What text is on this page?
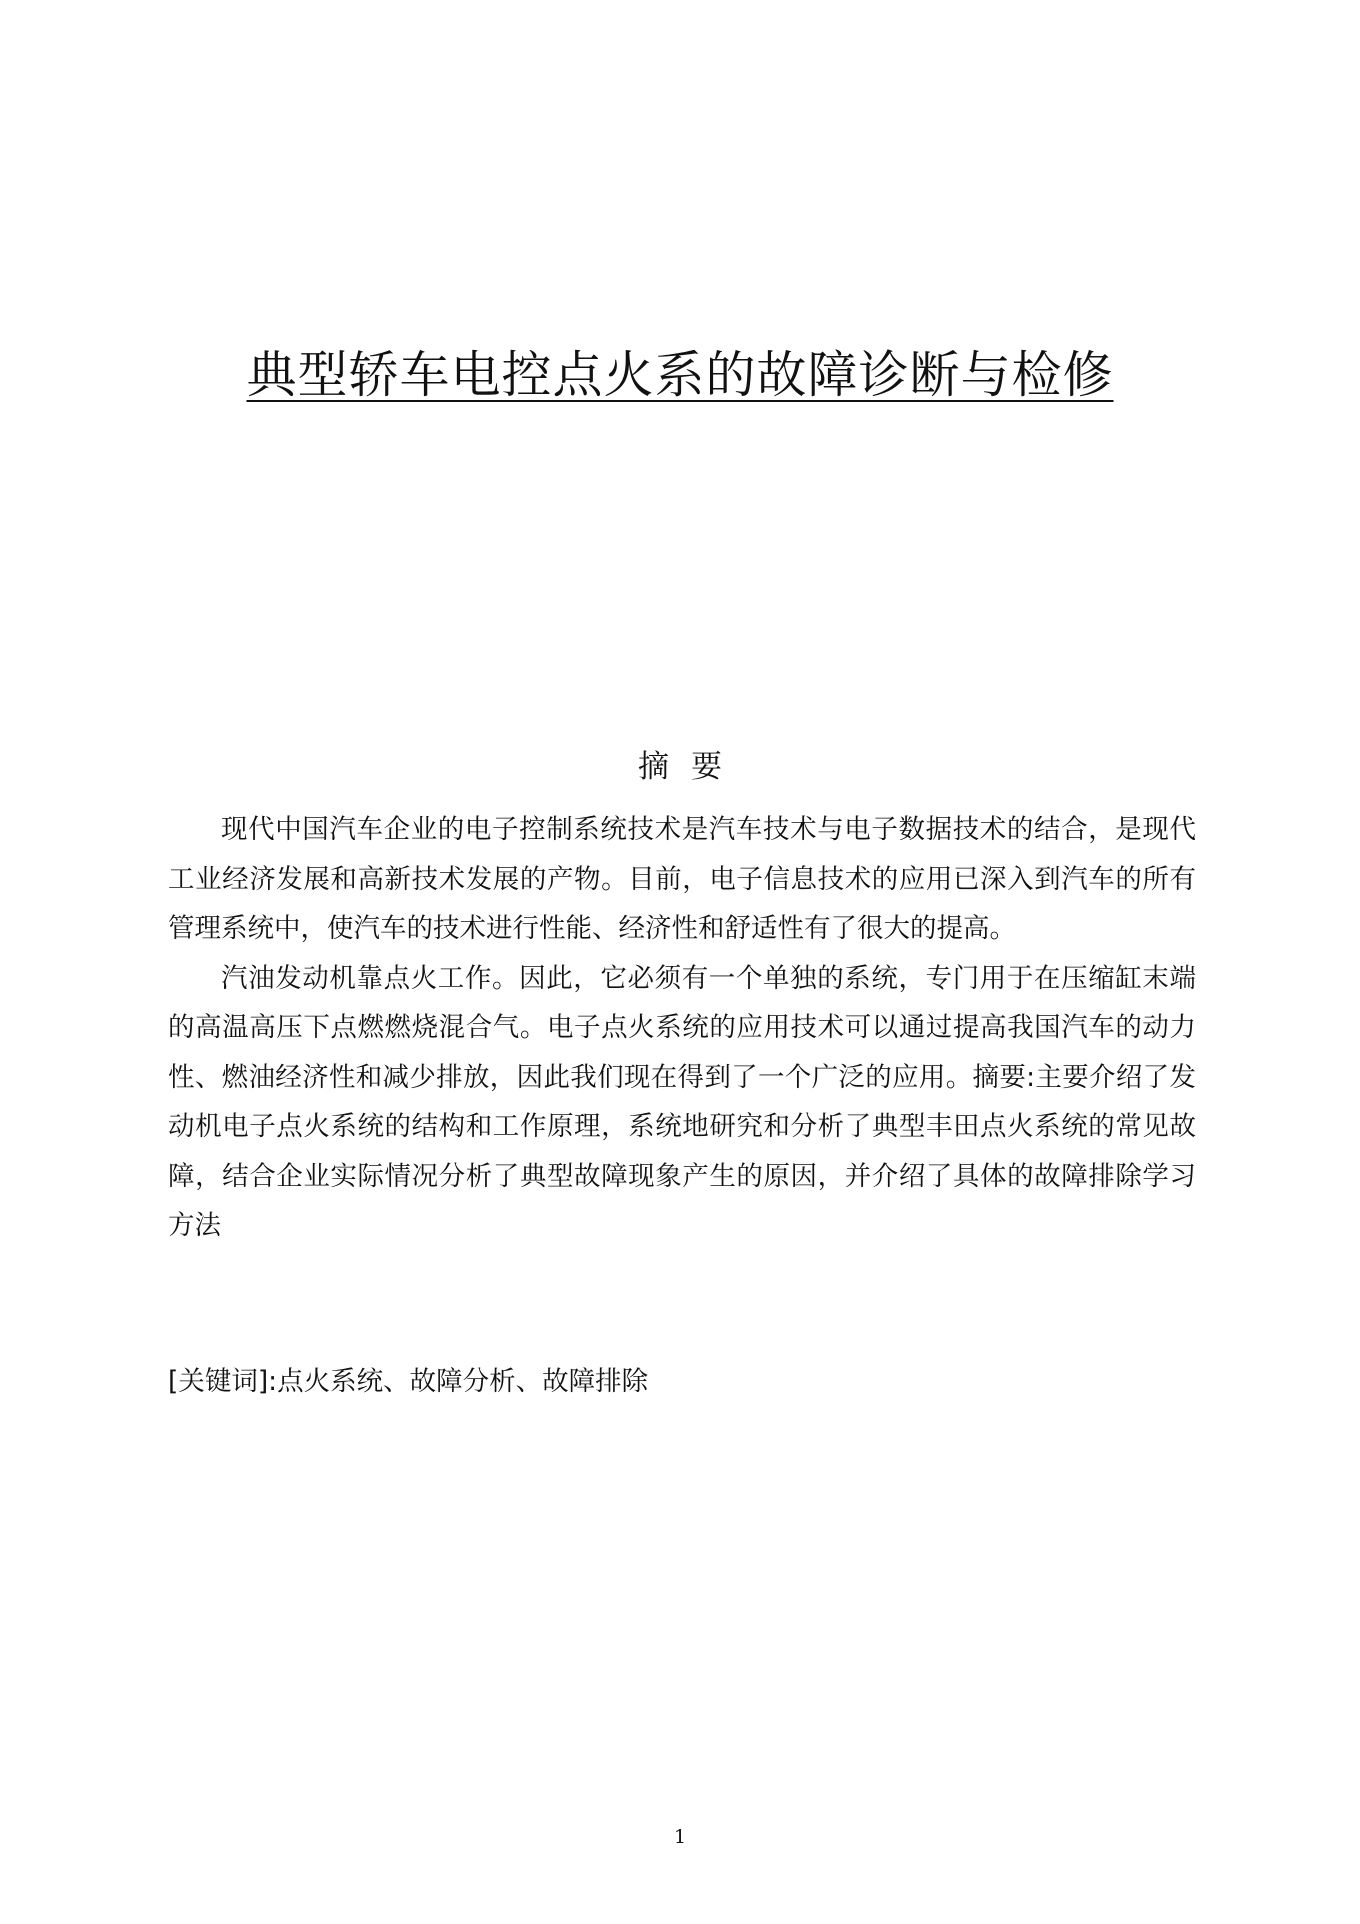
典型轿车电控点火系的故障诊断与检修
摘要

现代中国汽车企业的电子控制系统技术是汽车技术与电子数据技术的结合，是现代工业经济发展和高新技术发展的产物。目前，电子信息技术的应用已深入到汽车的所有管理系统中，使汽车的技术进行性能、经济性和舒适性有了很大的提高。

汽油发动机靠点火工作。因此，它必须有一个单独的系统，专门用于在压缩缸末端的高温高压下点燃燃烧混合气。电子点火系统的应用技术可以通过提高我国汽车的动力性、燃油经济性和减少排放，因此我们现在得到了一个广泛的应用。摘要:主要介绍了发动机电子点火系统的结构和工作原理，系统地研究和分析了典型丰田点火系统的常见故障，结合企业实际情况分析了典型故障现象产生的原因，并介绍了具体的故障排除学习方法

[关键词]:点火系统、故障分析、故障排除
1
